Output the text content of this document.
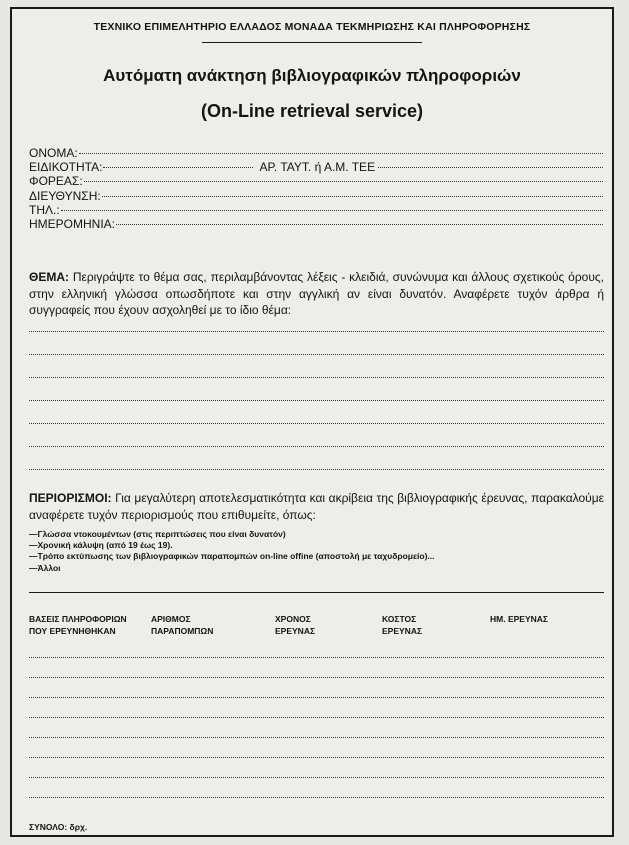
ΤΕΧΝΙΚΟ ΕΠΙΜΕΛΗΤΗΡΙΟ ΕΛΛΑΔΟΣ ΜΟΝΑΔΑ ΤΕΚΜΗΡΙΩΣΗΣ ΚΑΙ ΠΛΗΡΟΦΟΡΗΣΗΣ
Αυτόματη ανάκτηση βιβλιογραφικών πληροφοριών
(On-Line retrieval service)
ΟΝΟΜΑ:
ΕΙΔΙΚΟΤΗΤΑ:	ΑΡ. ΤΑΥΤ. ή Α.Μ. ΤΕΕ
ΦΟΡΕΑΣ:
ΔΙΕΥΘΥΝΣΗ:
ΤΗΛ.:
ΗΜΕΡΟΜΗΝΙΑ:
ΘΕΜΑ: Περιγράψτε το θέμα σας, περιλαμβάνοντας λέξεις - κλειδιά, συνώνυμα και άλλους σχετικούς όρους, στην ελληνική γλώσσα οπωσδήποτε και στην αγγλική αν είναι δυνατόν. Αναφέρετε τυχόν άρθρα ή συγγραφείς που έχουν ασχοληθεί με το ίδιο θέμα:
ΠΕΡΙΟΡΙΣΜΟΙ: Για μεγαλύτερη αποτελεσματικότητα και ακρίβεια της βιβλιογραφικής έρευνας, παρακαλούμε αναφέρετε τυχόν περιορισμούς που επιθυμείτε, όπως:
—Γλώσσα ντοκουμέντων (στις περιπτώσεις που είναι δυνατόν)
—Χρονική κάλυψη (από 19 έως 19).
—Τρόπο εκτύπωσης των βιβλιογραφικών παραπομπών on-line offine (αποστολή με ταχυδρομείο)...
—Άλλοι
ΒΑΣΕΙΣ ΠΛΗΡΟΦΟΡΙΩΝ
ΠΟΥ ΕΡΕΥΝΗΘΗΚΑΝ
ΑΡΙΘΜΟΣ
ΠΑΡΑΠΟΜΠΩΝ
ΧΡΟΝΟΣ
ΕΡΕΥΝΑΣ
ΚΟΣΤΟΣ
ΕΡΕΥΝΑΣ
ΗΜ. ΕΡΕΥΝΑΣ
ΣΥΝΟΛΟ: δρχ.
